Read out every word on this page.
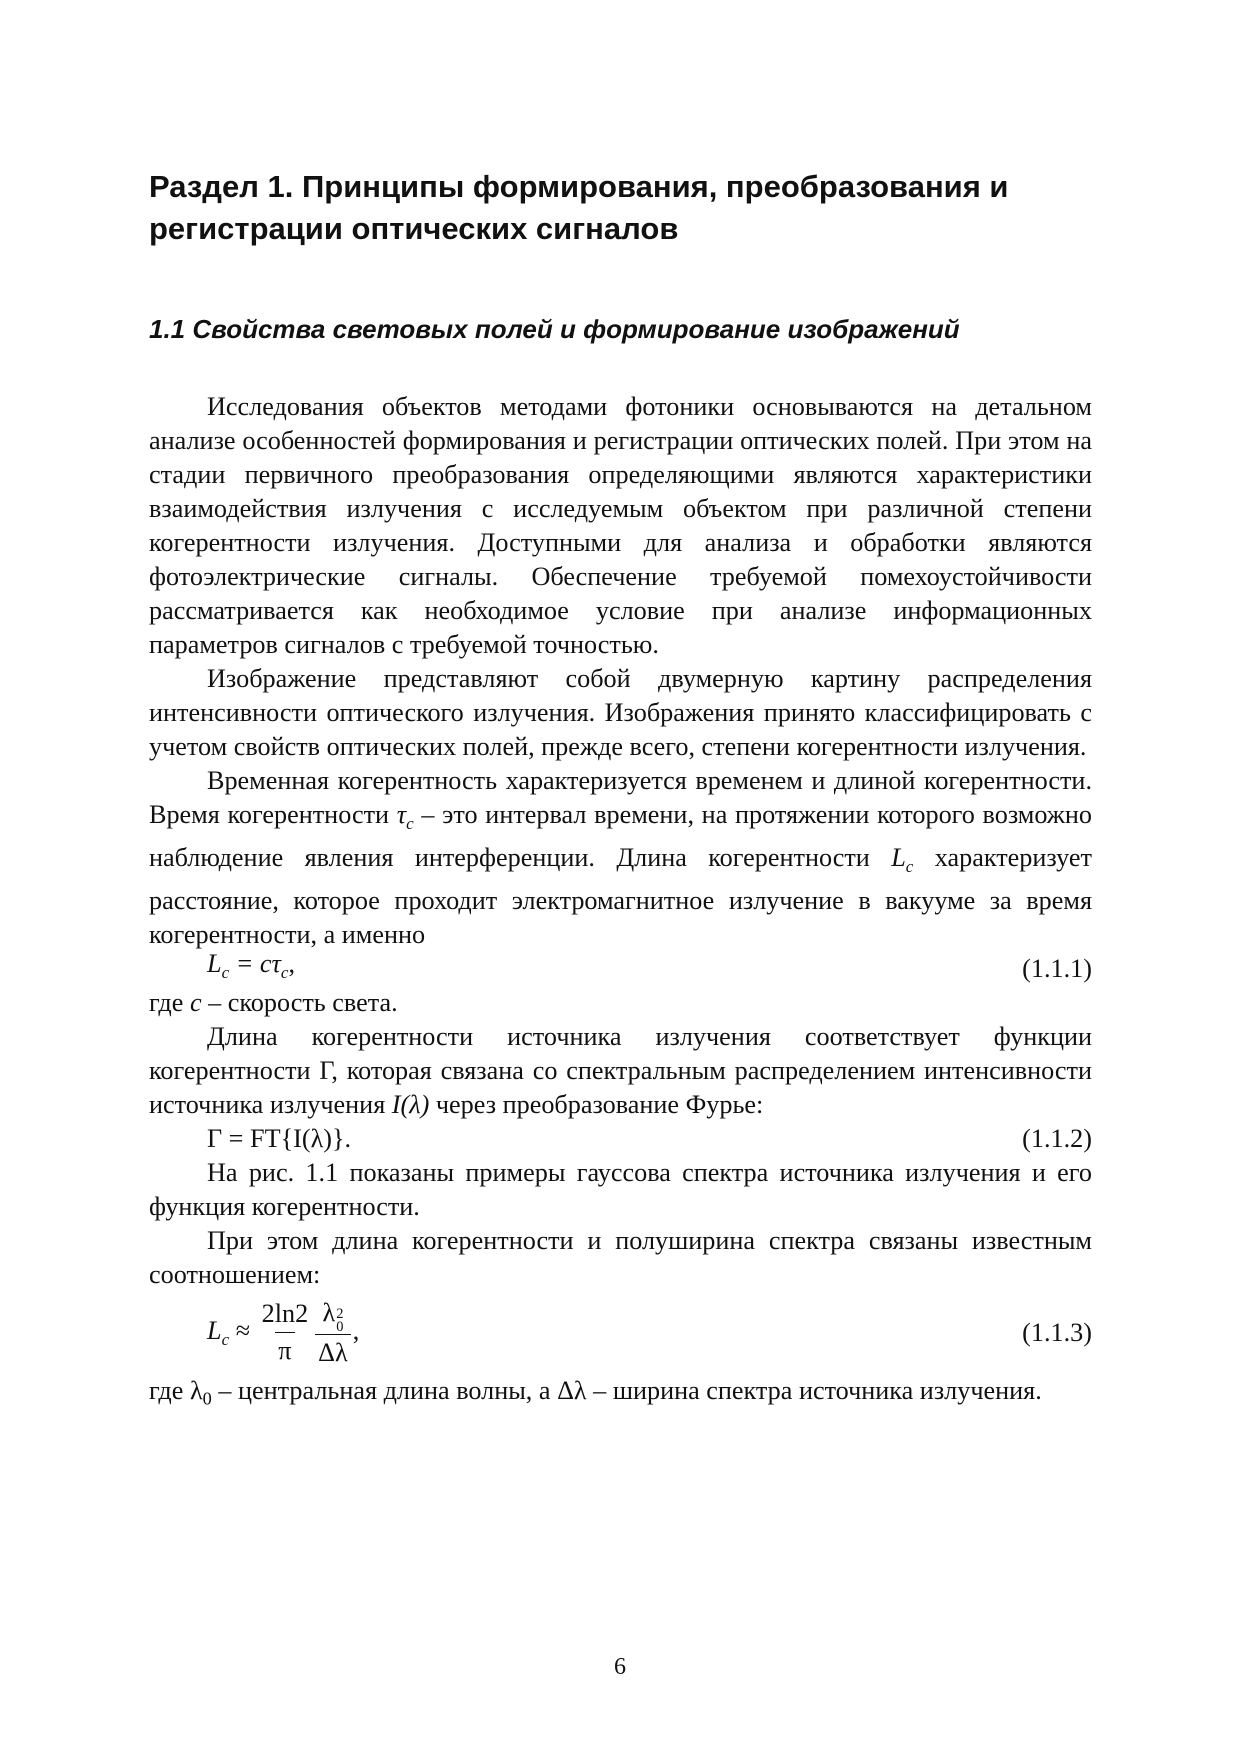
Раздел 1. Принципы формирования, преобразования и регистрации оптических сигналов
1.1 Свойства световых полей и формирование изображений

Исследования объектов методами фотоники основываются на детальном анализе особенностей формирования и регистрации оптических полей. При этом на стадии первичного преобразования определяющими являются характеристики взаимодействия излучения с исследуемым объектом при различной степени когерентности излучения. Доступными для анализа и обработки являются фотоэлектрические сигналы. Обеспечение требуемой помехоустойчивости рассматривается как необходимое условие при анализе информационных параметров сигналов с требуемой точностью.

Изображение представляют собой двумерную картину распределения интенсивности оптического излучения. Изображения принято классифицировать с учетом свойств оптических полей, прежде всего, степени когерентности излучения.

Временная когерентность характеризуется временем и длиной когерентности. Время когерентности $\tau_c$ – это интервал времени, на протяжении которого возможно наблюдение явления интерференции. Длина когерентности $L_c$ характеризует расстояние, которое проходит электромагнитное излучение в вакууме за время когерентности, а именно

$L_c = c\tau_c$,	(1.1.1)

где c – скорость света.

Длина когерентности источника излучения соответствует функции когерентности Γ, которая связана со спектральным распределением интенсивности источника излучения I(λ) через преобразование Фурье:

Γ = FT{I(λ)}.	(1.1.2)

На рис. 1.1 показаны примеры гауссова спектра источника излучения и его функция когерентности.

При этом длина когерентности и полуширина спектра связаны известным соотношением:

$L_c \approx \frac{2\ln 2}{\pi}$ λ 2
0
Δλ ,	(1.1.3)

где $\lambda_0$ – центральная длина волны, а Δλ – ширина спектра источника излучения.

6
